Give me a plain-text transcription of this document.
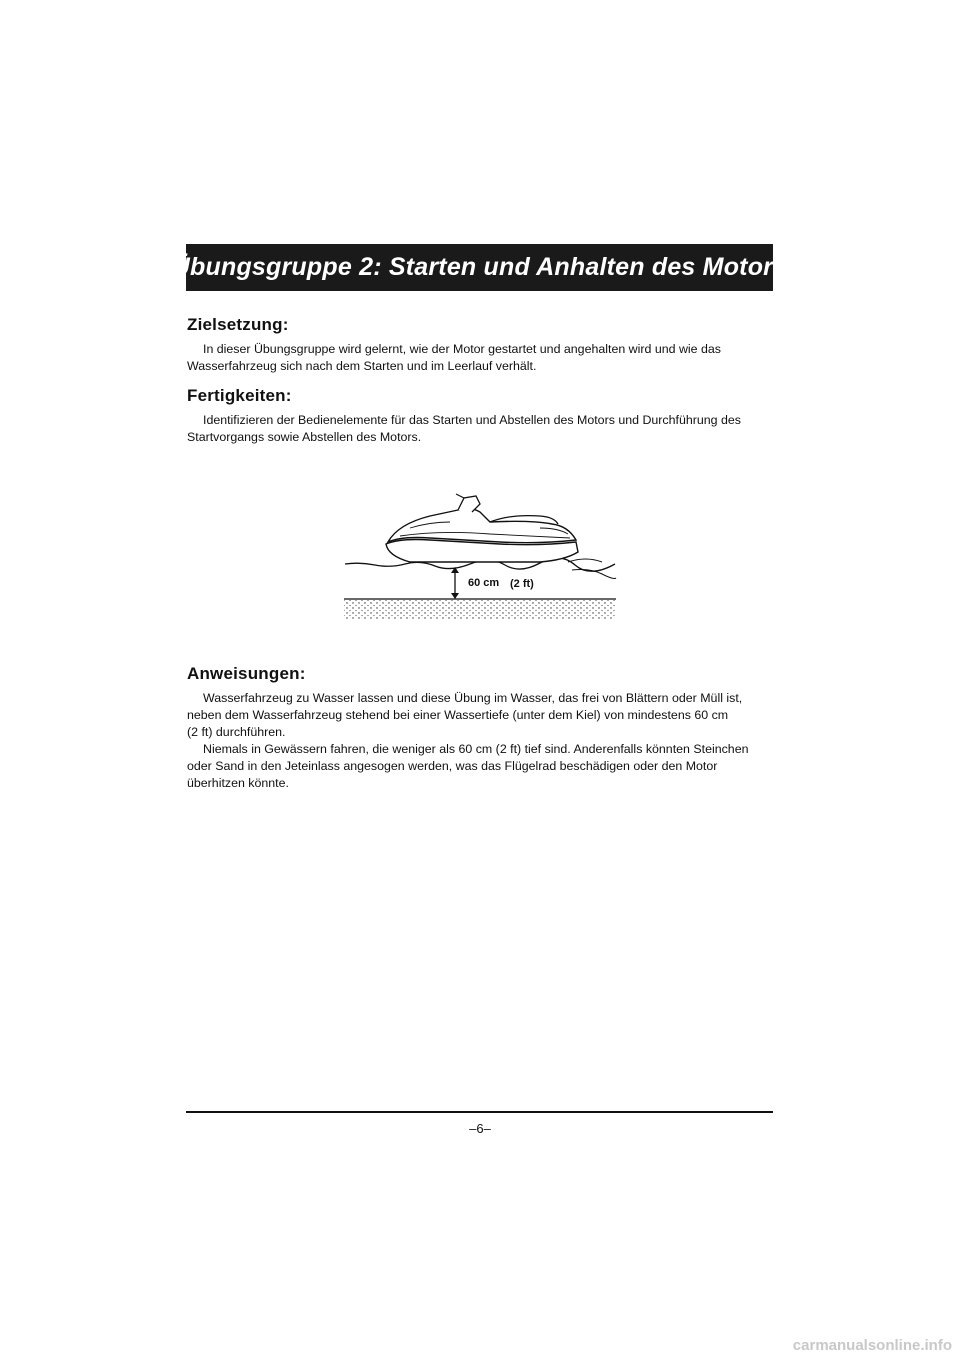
Übungsgruppe 2: Starten und Anhalten des Motors
Zielsetzung:

In dieser Übungsgruppe wird gelernt, wie der Motor gestartet und angehalten wird und wie das Wasserfahrzeug sich nach dem Starten und im Leerlauf verhält.

Fertigkeiten:

Identifizieren der Bedienelemente für das Starten und Abstellen des Motors und Durchführung des Startvorgangs sowie Abstellen des Motors.

60 cm (2 ft)
Anweisungen:

Wasserfahrzeug zu Wasser lassen und diese Übung im Wasser, das frei von Blättern oder Müll ist, neben dem Wasserfahrzeug stehend bei einer Wassertiefe (unter dem Kiel) von mindestens 60 cm

(2 ft) durchführen.

Niemals in Gewässern fahren, die weniger als 60 cm (2 ft) tief sind. Anderenfalls könnten Steinchen oder Sand in den Jeteinlass angesogen werden, was das Flügelrad beschädigen oder den Motor überhitzen könnte.

–6–
carmanualsonline.info
